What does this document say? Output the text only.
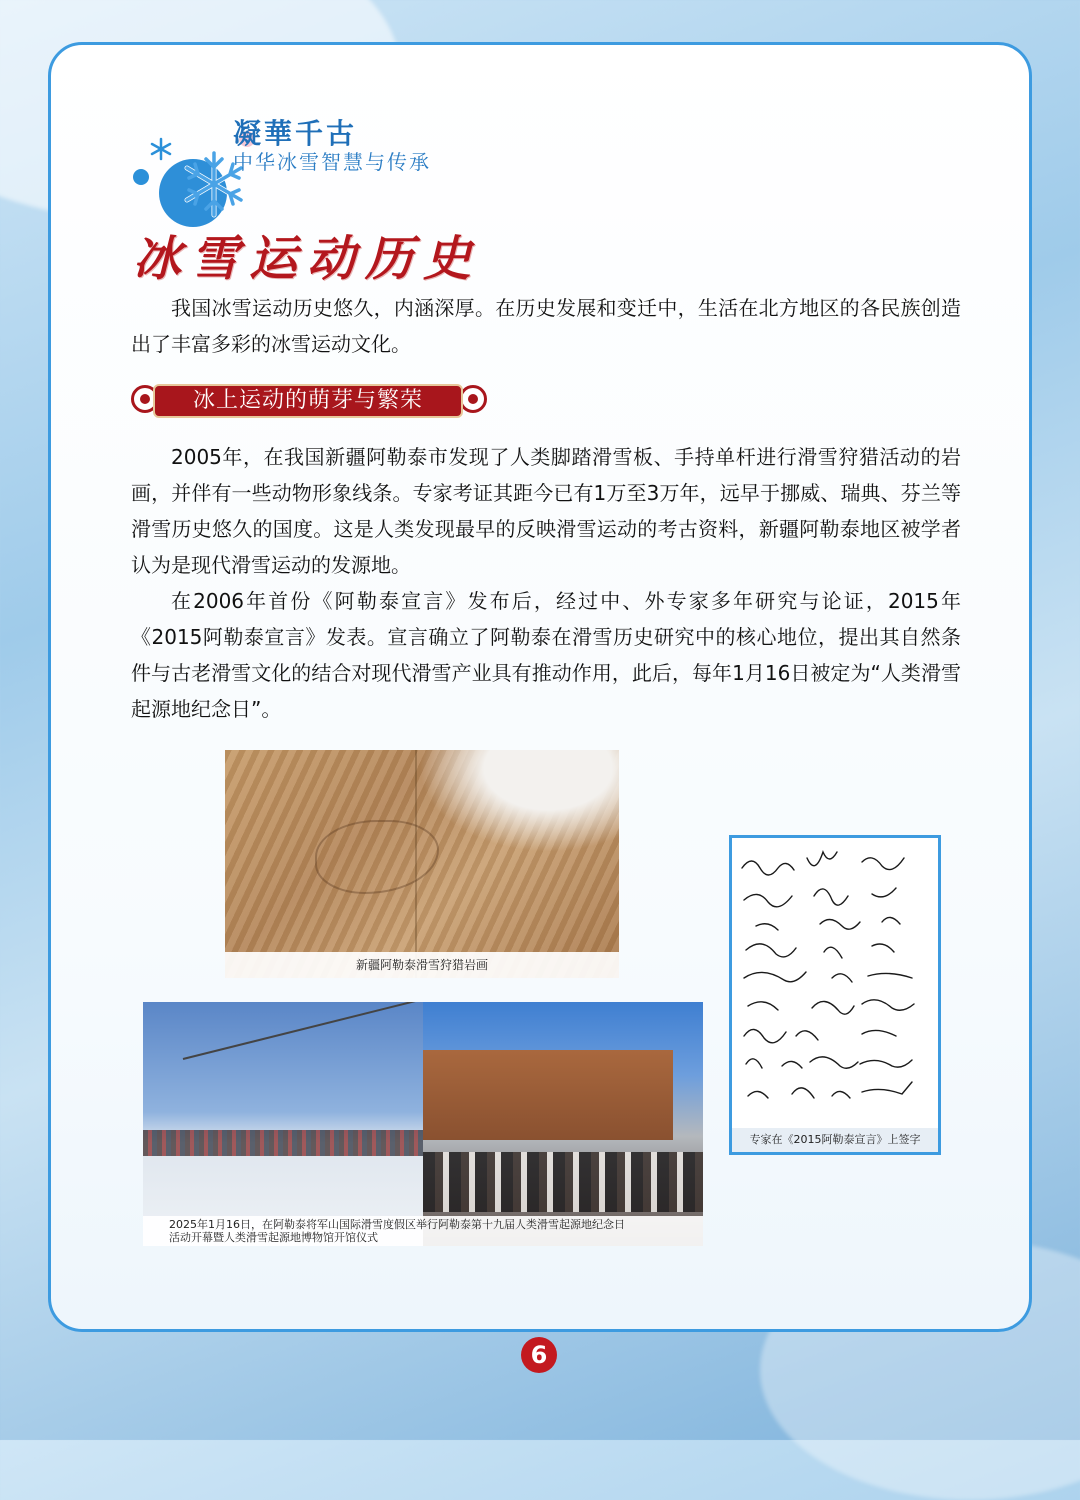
凝華千古
中华冰雪智慧与传承
冰雪运动历史

我国冰雪运动历史悠久，内涵深厚。在历史发展和变迁中，生活在北方地区的各民族创造出了丰富多彩的冰雪运动文化。

冰上运动的萌芽与繁荣

2005年，在我国新疆阿勒泰市发现了人类脚踏滑雪板、手持单杆进行滑雪狩猎活动的岩画，并伴有一些动物形象线条。专家考证其距今已有1万至3万年，远早于挪威、瑞典、芬兰等滑雪历史悠久的国度。这是人类发现最早的反映滑雪运动的考古资料，新疆阿勒泰地区被学者认为是现代滑雪运动的发源地。

在2006年首份《阿勒泰宣言》发布后，经过中、外专家多年研究与论证，2015年《2015阿勒泰宣言》发表。宣言确立了阿勒泰在滑雪历史研究中的核心地位，提出其自然条件与古老滑雪文化的结合对现代滑雪产业具有推动作用，此后，每年1月16日被定为“人类滑雪起源地纪念日”。

新疆阿勒泰滑雪狩猎岩画
专家在《2015阿勒泰宣言》上签字
2025年1月16日，在阿勒泰将军山国际滑雪度假区举行阿勒泰第十九届人类滑雪起源地纪念日
活动开幕暨人类滑雪起源地博物馆开馆仪式
6
